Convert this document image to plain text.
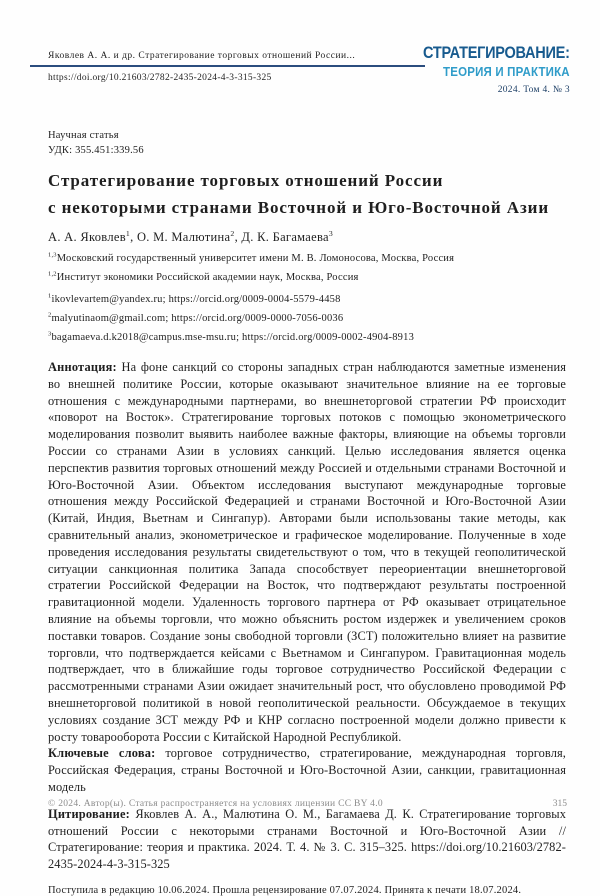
Яковлев А. А. и др. Стратегирование торговых отношений России...
https://doi.org/10.21603/2782-2435-2024-4-3-315-325
СТРАТЕГИРОВАНИЕ:
ТЕОРИЯ И ПРАКТИКА
2024. Том 4. № 3
Научная статья
УДК: 355.451:339.56
Стратегирование торговых отношений России
с некоторыми странами Восточной и Юго-Восточной Азии
А. А. Яковлев$^1$, О. М. Малютина$^2$, Д. К. Багамаева$^3$
$^{1,3}$Московский государственный университет имени М. В. Ломоносова, Москва, Россия
$^{1,2}$Институт экономики Российской академии наук, Москва, Россия
$^1$ikovlevartem@yandex.ru; https://orcid.org/0009-0004-5579-4458
$^2$malyutinaom@gmail.com; https://orcid.org/0009-0000-7056-0036
$^3$bagamaeva.d.k2018@campus.mse-msu.ru; https://orcid.org/0009-0002-4904-8913

Аннотация: На фоне санкций со стороны западных стран наблюдаются заметные изменения во внешней политике России, которые оказывают значительное влияние на ее торговые отношения с международными партнерами, во внешнеторговой стратегии РФ происходит «поворот на Восток». Стратегирование торговых потоков с помощью эконометрического моделирования позволит выявить наиболее важные факторы, влияющие на объемы торговли России со странами Азии в условиях санкций. Целью исследования является оценка перспектив развития торговых отношений между Россией и отдельными странами Восточной и Юго-Восточной Азии. Объектом исследования выступают международные торговые отношения между Российской Федерацией и странами Восточной и Юго-Восточной Азии (Китай, Индия, Вьетнам и Сингапур). Авторами были использованы такие методы, как сравнительный анализ, эконометрическое и графическое моделирование. Полученные в ходе проведения исследования результаты свидетельствуют о том, что в текущей геополитической ситуации санкционная политика Запада способствует переориентации внешнеторговой стратегии Российской Федерации на Восток, что подтверждают результаты построенной гравитационной модели. Удаленность торгового партнера от РФ оказывает отрицательное влияние на объемы торговли, что можно объяснить ростом издержек и увеличением сроков поставки товаров. Создание зоны свободной торговли (ЗСТ) положительно влияет на развитие торговли, что подтверждается кейсами с Вьетнамом и Сингапуром. Гравитационная модель подтверждает, что в ближайшие годы торговое сотрудничество Российской Федерации с рассмотренными странами Азии ожидает значительный рост, что обусловлено проводимой РФ внешнеторговой политикой в новой геополитической реальности. Обсуждаемое в текущих условиях создание ЗСТ между РФ и КНР согласно построенной модели должно привести к росту товарооборота России с Китайской Народной Республикой.

Ключевые слова: торговое сотрудничество, стратегирование, международная торговля, Российская Федерация, страны Восточной и Юго-Восточной Азии, санкции, гравитационная модель

Цитирование: Яковлев А. А., Малютина О. М., Багамаева Д. К. Стратегирование торговых отношений России с некоторыми странами Восточной и Юго-Восточной Азии // Стратегирование: теория и практика. 2024. Т. 4. № 3. С. 315–325. https://doi.org/10.21603/2782-2435-2024-4-3-315-325

Поступила в редакцию 10.06.2024. Прошла рецензирование 07.07.2024. Принята к печати 18.07.2024.
© 2024. Автор(ы). Статья распространяется на условиях лицензии CC BY 4.0	315
